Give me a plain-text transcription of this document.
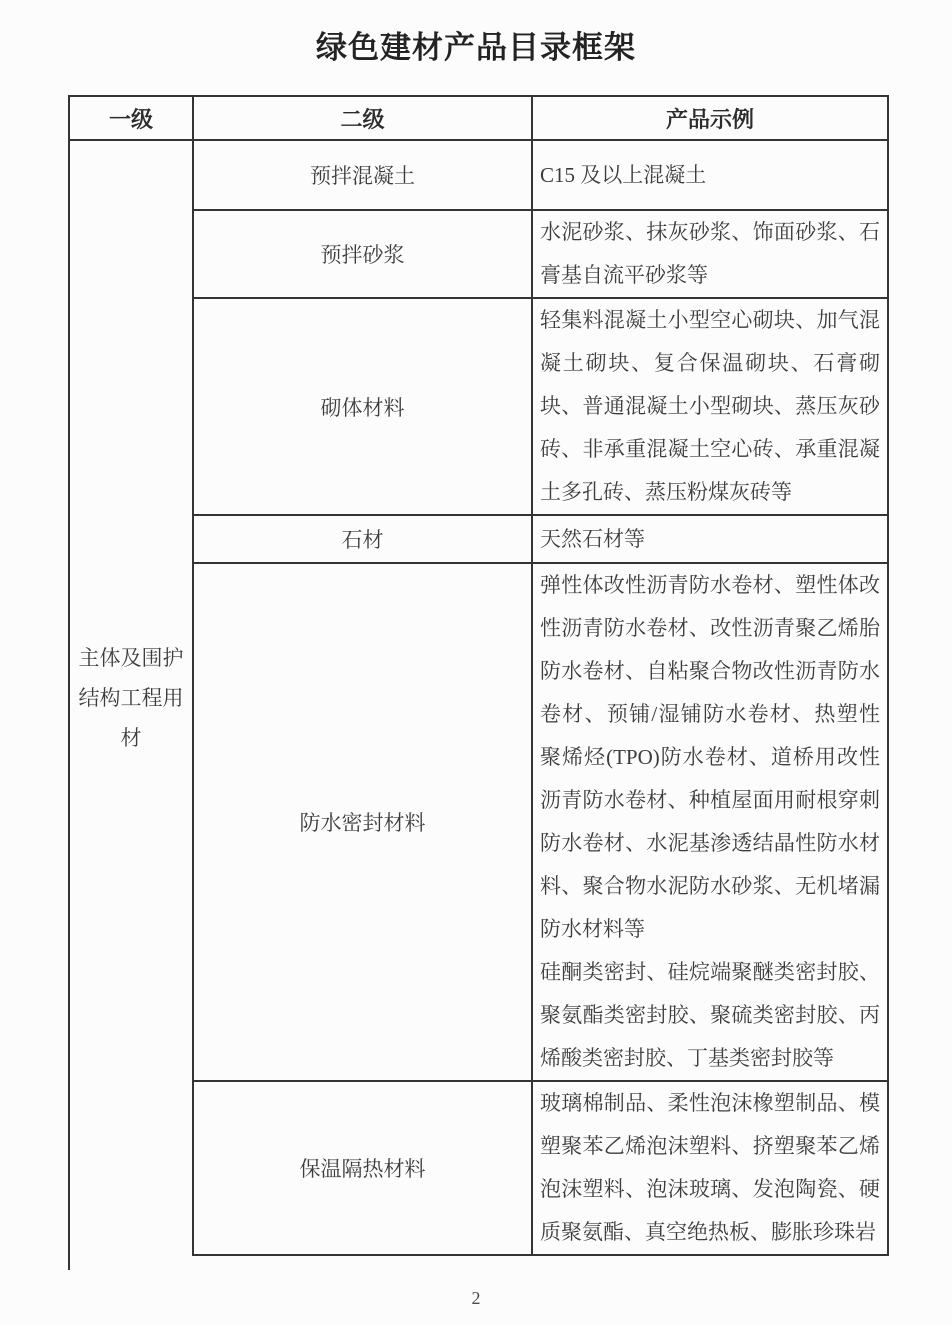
绿色建材产品目录框架
一级	二级	产品示例
主体及围护结构工程用材	预拌混凝土	C15 及以上混凝土

	预拌砂浆	水泥砂浆、抹灰砂浆、饰面砂浆、石膏基自流平砂浆等

	砌体材料	轻集料混凝土小型空心砌块、加气混凝土砌块、复合保温砌块、石膏砌块、普通混凝土小型砌块、蒸压灰砂砖、非承重混凝土空心砖、承重混凝土多孔砖、蒸压粉煤灰砖等

	石材	天然石材等

	防水密封材料	弹性体改性沥青防水卷材、塑性体改性沥青防水卷材、改性沥青聚乙烯胎防水卷材、自粘聚合物改性沥青防水卷材、预铺/湿铺防水卷材、热塑性聚烯烃(TPO)防水卷材、道桥用改性沥青防水卷材、种植屋面用耐根穿刺防水卷材、水泥基渗透结晶性防水材料、聚合物水泥防水砂浆、无机堵漏防水材料等
硅酮类密封、硅烷端聚醚类密封胶、聚氨酯类密封胶、聚硫类密封胶、丙烯酸类密封胶、丁基类密封胶等

	保温隔热材料	玻璃棉制品、柔性泡沫橡塑制品、模塑聚苯乙烯泡沫塑料、挤塑聚苯乙烯泡沫塑料、泡沫玻璃、发泡陶瓷、硬质聚氨酯、真空绝热板、膨胀珍珠岩
2
